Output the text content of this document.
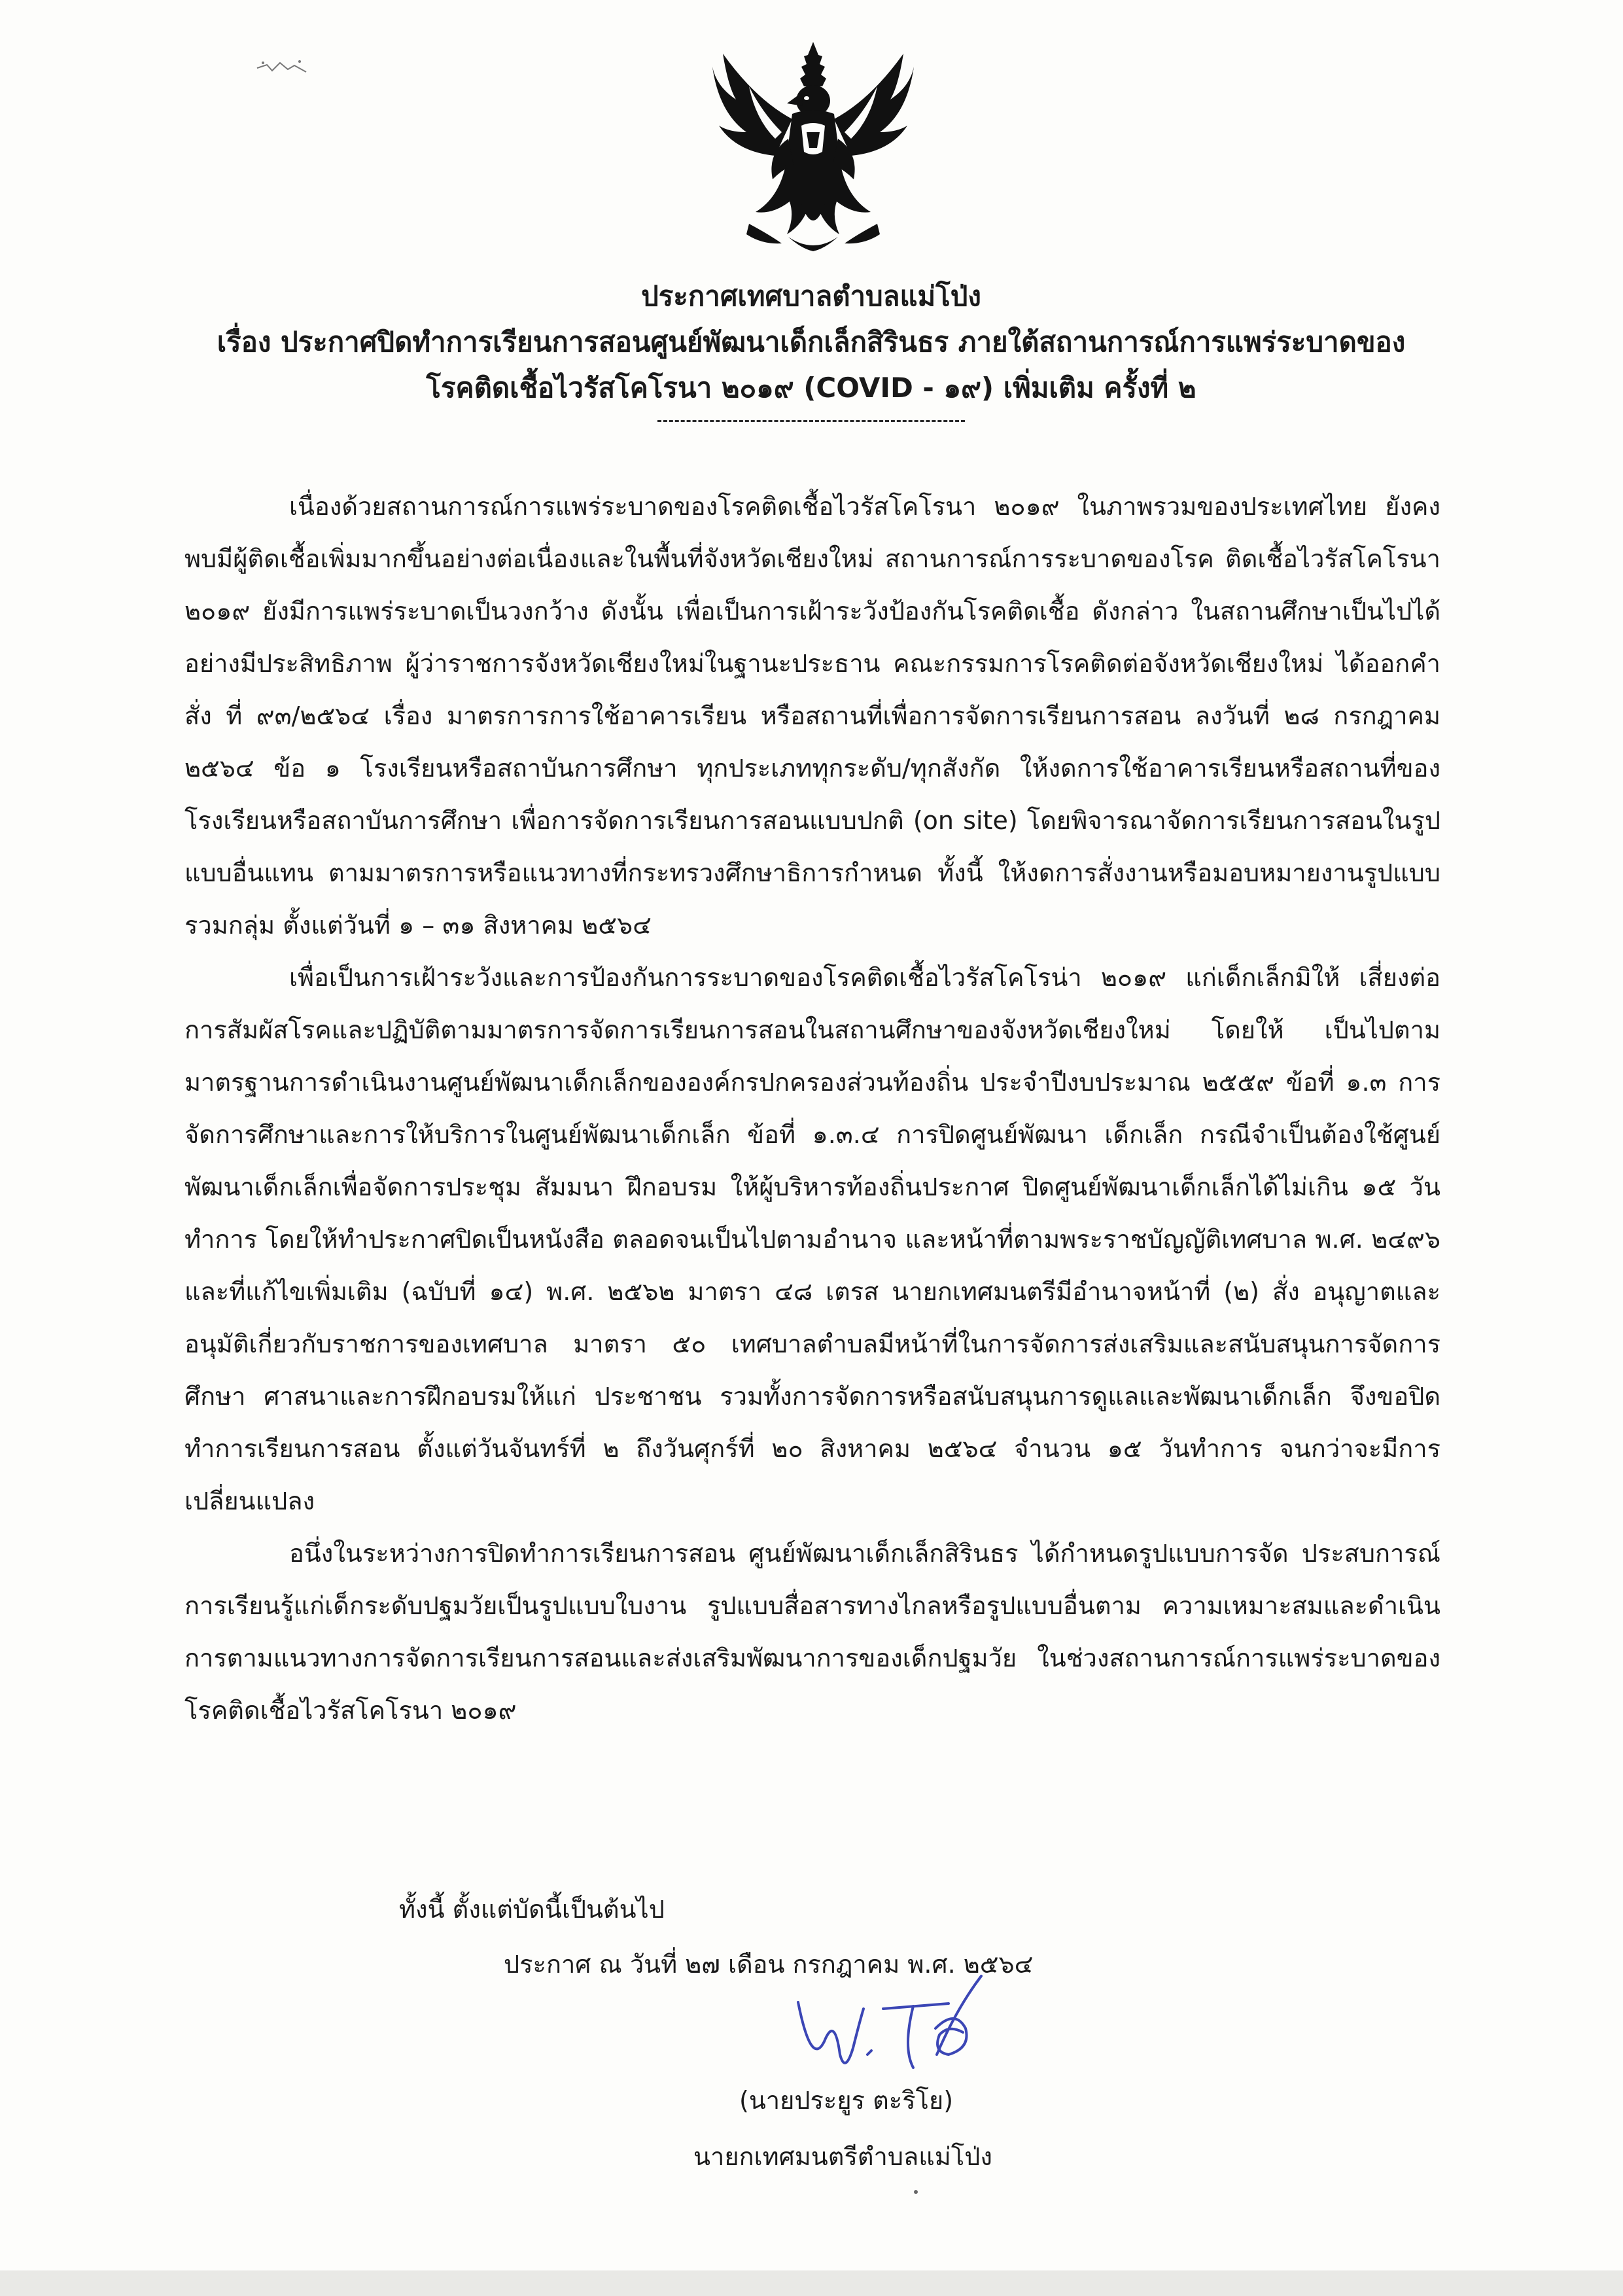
ประกาศเทศบาลตำบลแม่โป่ง
เรื่อง ประกาศปิดทำการเรียนการสอนศูนย์พัฒนาเด็กเล็กสิรินธร ภายใต้สถานการณ์การแพร่ระบาดของ
โรคติดเชื้อไวรัสโคโรนา ๒๐๑๙ (COVID - ๑๙) เพิ่มเติม ครั้งที่ ๒

เนื่องด้วยสถานการณ์การแพร่ระบาดของโรคติดเชื้อไวรัสโคโรนา ๒๐๑๙ ในภาพรวมของประเทศไทย ยังคงพบมีผู้ติดเชื้อเพิ่มมากขึ้นอย่างต่อเนื่องและในพื้นที่จังหวัดเชียงใหม่ สถานการณ์การระบาดของโรค ติดเชื้อไวรัสโคโรนา ๒๐๑๙ ยังมีการแพร่ระบาดเป็นวงกว้าง ดังนั้น เพื่อเป็นการเฝ้าระวังป้องกันโรคติดเชื้อ ดังกล่าว ในสถานศึกษาเป็นไปได้อย่างมีประสิทธิภาพ ผู้ว่าราชการจังหวัดเชียงใหม่ในฐานะประธาน คณะกรรมการโรคติดต่อจังหวัดเชียงใหม่ ได้ออกคำสั่ง ที่ ๙๓/๒๕๖๔ เรื่อง มาตรการการใช้อาคารเรียน หรือสถานที่เพื่อการจัดการเรียนการสอน ลงวันที่ ๒๘ กรกฎาคม ๒๕๖๔ ข้อ ๑ โรงเรียนหรือสถาบันการศึกษา ทุกประเภททุกระดับ/ทุกสังกัด ให้งดการใช้อาคารเรียนหรือสถานที่ของโรงเรียนหรือสถาบันการศึกษา เพื่อการจัดการเรียนการสอนแบบปกติ (on site) โดยพิจารณาจัดการเรียนการสอนในรูปแบบอื่นแทน ตามมาตรการหรือแนวทางที่กระทรวงศึกษาธิการกำหนด ทั้งนี้ ให้งดการสั่งงานหรือมอบหมายงานรูปแบบ รวมกลุ่ม ตั้งแต่วันที่ ๑ – ๓๑ สิงหาคม ๒๕๖๔

เพื่อเป็นการเฝ้าระวังและการป้องกันการระบาดของโรคติดเชื้อไวรัสโคโรน่า ๒๐๑๙ แก่เด็กเล็กมิให้ เสี่ยงต่อการสัมผัสโรคและปฏิบัติตามมาตรการจัดการเรียนการสอนในสถานศึกษาของจังหวัดเชียงใหม่ โดยให้ เป็นไปตามมาตรฐานการดำเนินงานศูนย์พัฒนาเด็กเล็กขององค์กรปกครองส่วนท้องถิ่น ประจำปีงบประมาณ ๒๕๕๙ ข้อที่ ๑.๓ การจัดการศึกษาและการให้บริการในศูนย์พัฒนาเด็กเล็ก ข้อที่ ๑.๓.๔ การปิดศูนย์พัฒนา เด็กเล็ก กรณีจำเป็นต้องใช้ศูนย์พัฒนาเด็กเล็กเพื่อจัดการประชุม สัมมนา ฝึกอบรม ให้ผู้บริหารท้องถิ่นประกาศ ปิดศูนย์พัฒนาเด็กเล็กได้ไม่เกิน ๑๕ วันทำการ โดยให้ทำประกาศปิดเป็นหนังสือ ตลอดจนเป็นไปตามอำนาจ และหน้าที่ตามพระราชบัญญัติเทศบาล พ.ศ. ๒๔๙๖ และที่แก้ไขเพิ่มเติม (ฉบับที่ ๑๔) พ.ศ. ๒๕๖๒ มาตรา ๔๘ เตรส นายกเทศมนตรีมีอำนาจหน้าที่ (๒) สั่ง อนุญาตและอนุมัติเกี่ยวกับราชการของเทศบาล มาตรา ๕๐ เทศบาลตำบลมีหน้าที่ในการจัดการส่งเสริมและสนับสนุนการจัดการศึกษา ศาสนาและการฝึกอบรมให้แก่ ประชาชน รวมทั้งการจัดการหรือสนับสนุนการดูแลและพัฒนาเด็กเล็ก จึงขอปิดทำการเรียนการสอน ตั้งแต่วันจันทร์ที่ ๒ ถึงวันศุกร์ที่ ๒๐ สิงหาคม ๒๕๖๔ จำนวน ๑๕ วันทำการ จนกว่าจะมีการเปลี่ยนแปลง

อนึ่งในระหว่างการปิดทำการเรียนการสอน ศูนย์พัฒนาเด็กเล็กสิรินธร ได้กำหนดรูปแบบการจัด ประสบการณ์การเรียนรู้แก่เด็กระดับปฐมวัยเป็นรูปแบบใบงาน รูปแบบสื่อสารทางไกลหรือรูปแบบอื่นตาม ความเหมาะสมและดำเนินการตามแนวทางการจัดการเรียนการสอนและส่งเสริมพัฒนาการของเด็กปฐมวัย ในช่วงสถานการณ์การแพร่ระบาดของโรคติดเชื้อไวรัสโคโรนา ๒๐๑๙

ทั้งนี้ ตั้งแต่บัดนี้เป็นต้นไป
ประกาศ ณ วันที่ ๒๗ เดือน กรกฎาคม พ.ศ. ๒๕๖๔
(นายประยูร ตะริโย)
นายกเทศมนตรีตำบลแม่โป่ง
